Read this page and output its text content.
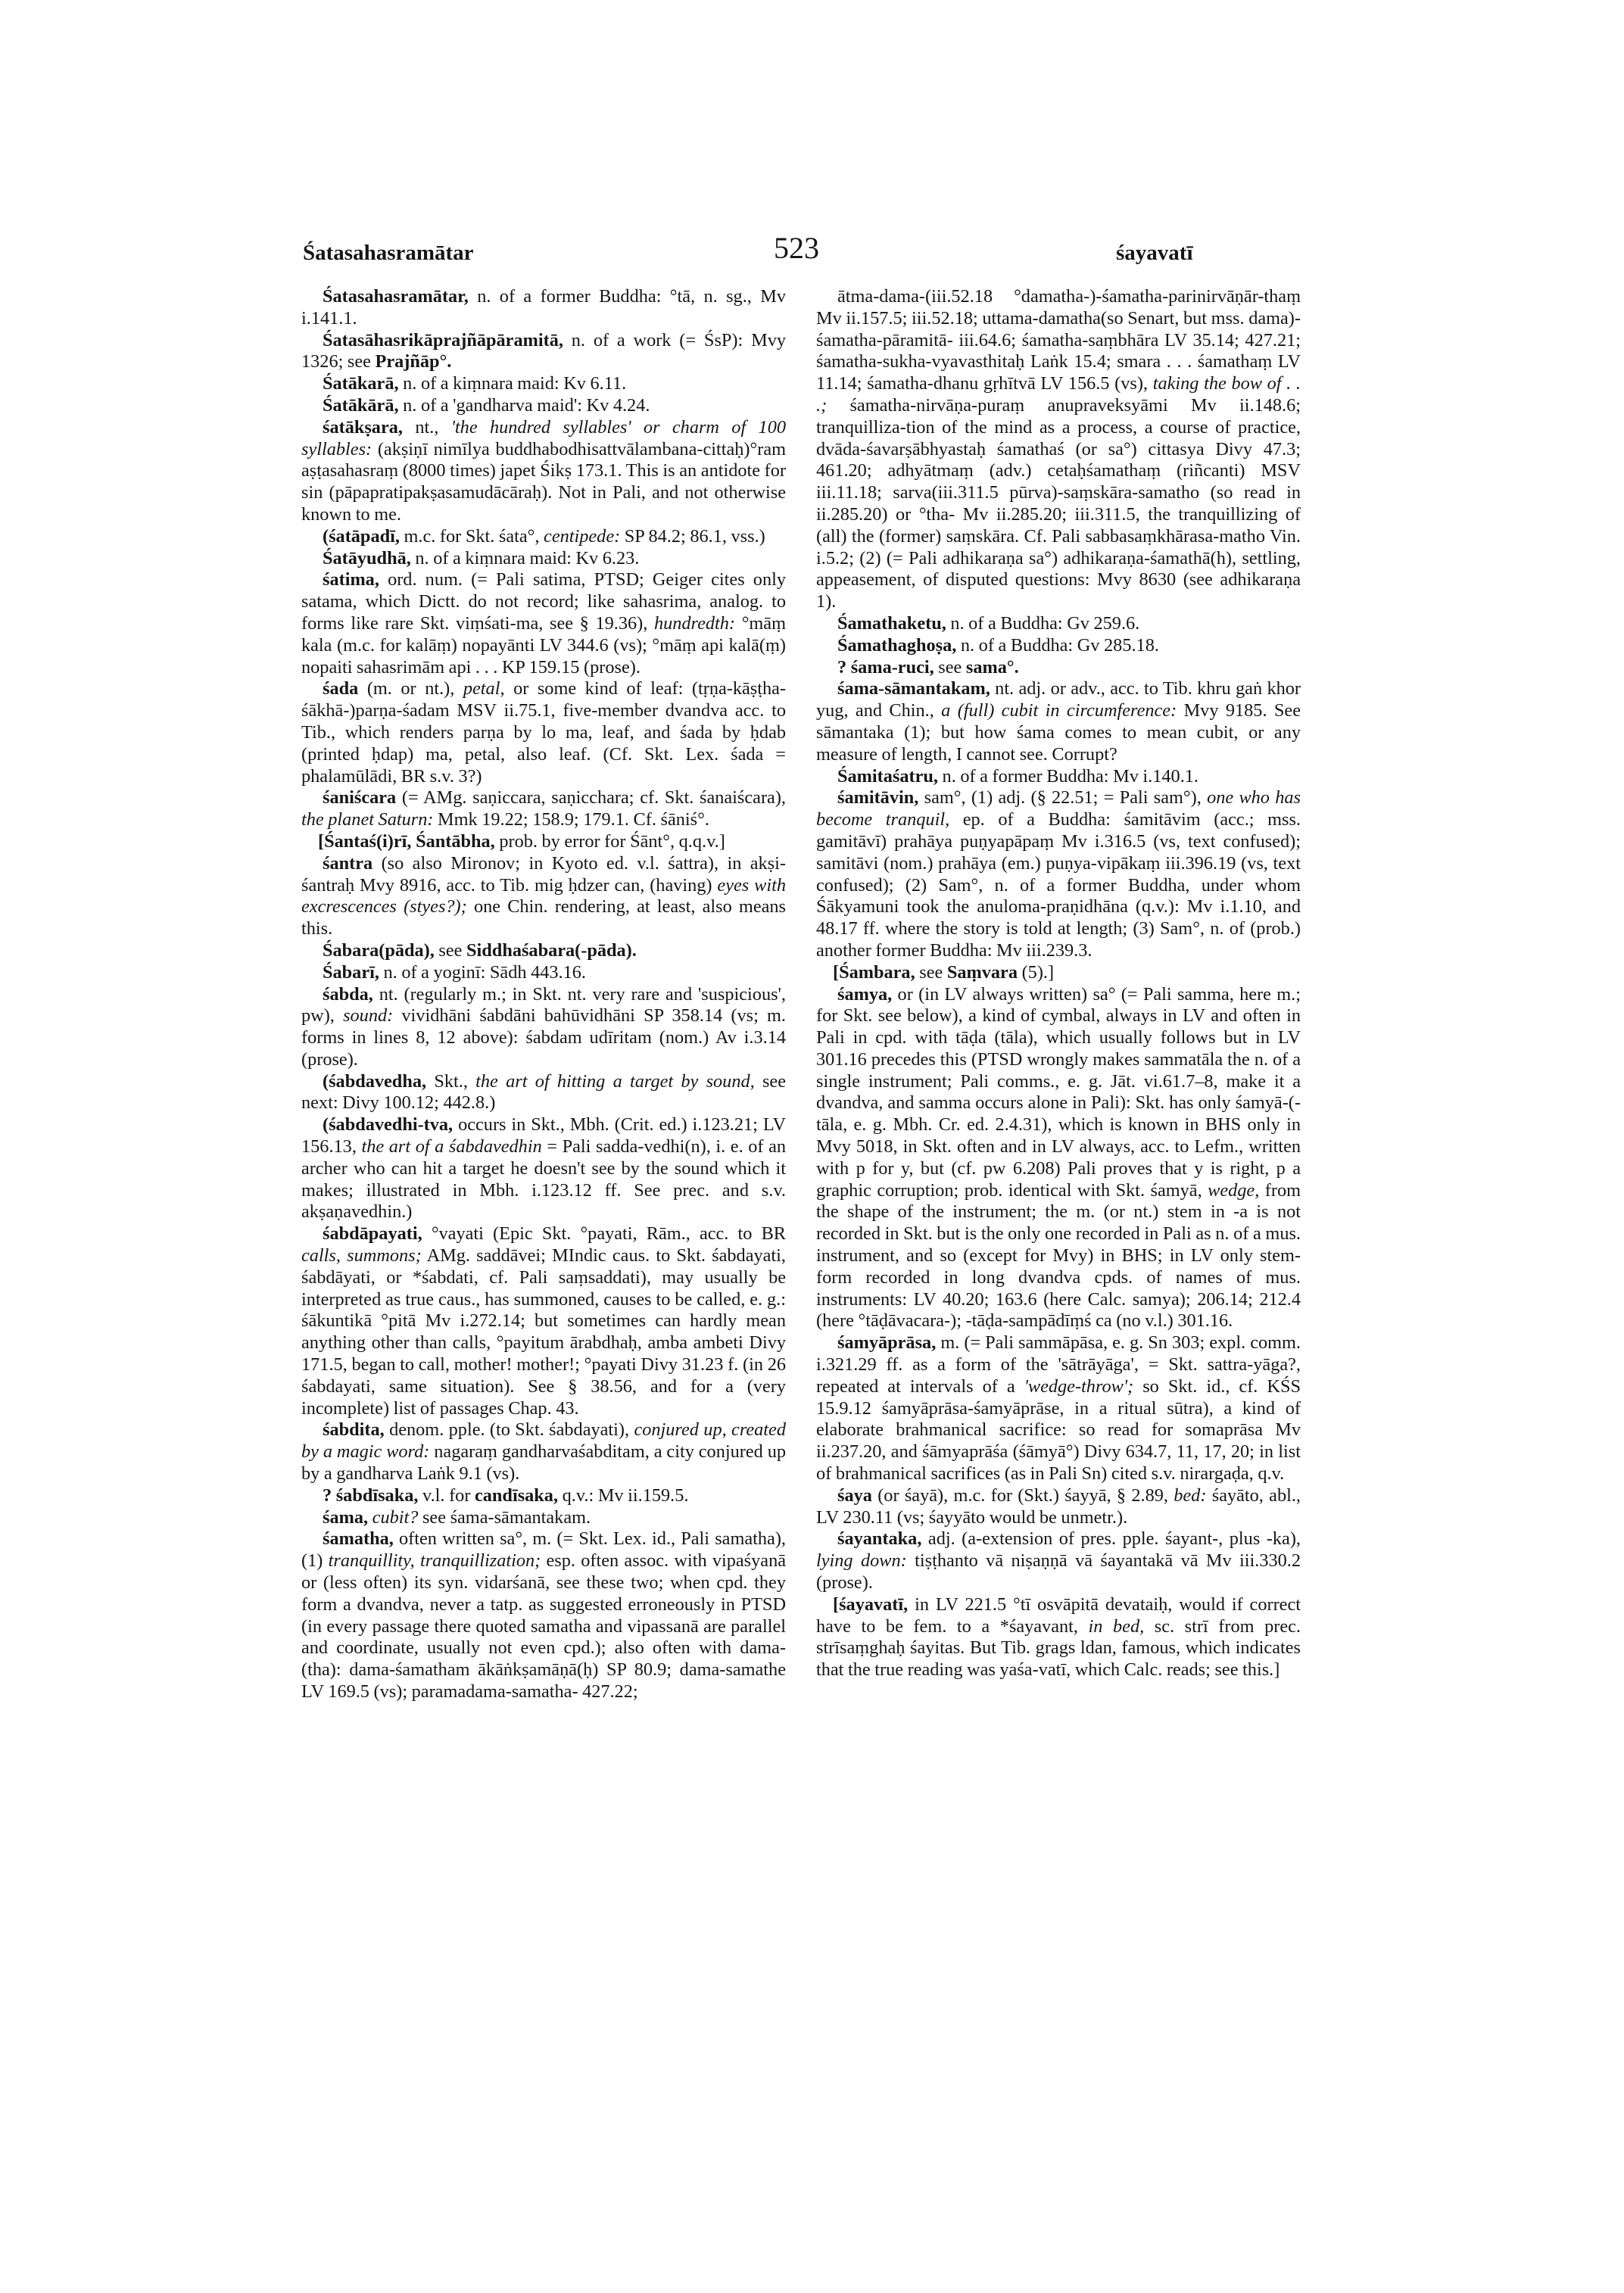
Śatasahasramātar	523	śayavatī

Śatasahasramātar, n. of a former Buddha: °tā, n. sg., Mv i.141.1.

Śatasāhasrikāprajñāpāramitā, n. of a work (= ŚsP): Mvy 1326; see Prajñāp°.

Śatākarā, n. of a kiṃnara maid: Kv 6.11.

Śatākārā, n. of a 'gandharva maid': Kv 4.24.

śatākṣara, nt., 'the hundred syllables' or charm of 100 syllables: (akṣiṇī nimīlya buddhabodhisattvālambana-cittaḥ)°ram aṣṭasahasraṃ (8000 times) japet Śikṣ 173.1. This is an antidote for sin (pāpapratipakṣasamudācāraḥ). Not in Pali, and not otherwise known to me.

(śatāpadī, m.c. for Skt. śata°, centipede: SP 84.2; 86.1, vss.)

Śatāyudhā, n. of a kiṃnara maid: Kv 6.23.

śatima, ord. num. (= Pali satima, PTSD; Geiger cites only satama, which Dictt. do not record; like sahasrima, analog. to forms like rare Skt. viṃśati-ma, see § 19.36), hundredth: °māṃ kala (m.c. for kalāṃ) nopayānti LV 344.6 (vs); °māṃ api kalā(ṃ) nopaiti sahasrimām api . . . KP 159.15 (prose).

śada (m. or nt.), petal, or some kind of leaf: (tṛṇa-kāṣṭha-śākhā-)parṇa-śadam MSV ii.75.1, five-member dvandva acc. to Tib., which renders parṇa by lo ma, leaf, and śada by ḥdab (printed ḥdap) ma, petal, also leaf. (Cf. Skt. Lex. śada = phalamūlādi, BR s.v. 3?)

śaniścara (= AMg. saṇiccara, saṇicchara; cf. Skt. śanaiścara), the planet Saturn: Mmk 19.22; 158.9; 179.1. Cf. śāniś°.

[Śantaś(i)rī, Śantābha, prob. by error for Śānt°, q.q.v.]

śantra (so also Mironov; in Kyoto ed. v.l. śattra), in akṣi-śantraḥ Mvy 8916, acc. to Tib. mig ḥdzer can, (having) eyes with excrescences (styes?); one Chin. rendering, at least, also means this.

Śabara(pāda), see Siddhaśabara(-pāda).

Śabarī, n. of a yoginī: Sādh 443.16.

śabda, nt. (regularly m.; in Skt. nt. very rare and 'suspicious', pw), sound: vividhāni śabdāni bahūvidhāni SP 358.14 (vs; m. forms in lines 8, 12 above): śabdam udīritam (nom.) Av i.3.14 (prose).

(śabdavedha, Skt., the art of hitting a target by sound, see next: Divy 100.12; 442.8.)

(śabdavedhi-tva, occurs in Skt., Mbh. (Crit. ed.) i.123.21; LV 156.13, the art of a śabdavedhin = Pali sadda-vedhi(n), i. e. of an archer who can hit a target he doesn't see by the sound which it makes; illustrated in Mbh. i.123.12 ff. See prec. and s.v. akṣaṇavedhin.)

śabdāpayati, °vayati (Epic Skt. °payati, Rām., acc. to BR calls, summons; AMg. saddāvei; MIndic caus. to Skt. śabdayati, śabdāyati, or *śabdati, cf. Pali saṃsaddati), may usually be interpreted as true caus., has summoned, causes to be called, e. g.: śākuntikā °pitā Mv i.272.14; but sometimes can hardly mean anything other than calls, °payitum ārabdhaḥ, amba ambeti Divy 171.5, began to call, mother! mother!; °payati Divy 31.23 f. (in 26 śabdayati, same situation). See § 38.56, and for a (very incomplete) list of passages Chap. 43.

śabdita, denom. pple. (to Skt. śabdayati), conjured up, created by a magic word: nagaraṃ gandharvaśabditam, a city conjured up by a gandharva Laṅk 9.1 (vs).

? śabdīsaka, v.l. for candīsaka, q.v.: Mv ii.159.5.

śama, cubit? see śama-sāmantakam.

śamatha, often written sa°, m. (= Skt. Lex. id., Pali samatha), (1) tranquillity, tranquillization; esp. often assoc. with vipaśyanā or (less often) its syn. vidarśanā, see these two; when cpd. they form a dvandva, never a tatp. as suggested erroneously in PTSD (in every passage there quoted samatha and vipassanā are parallel and coordinate, usually not even cpd.); also often with dama-(tha): dama-śamatham ākāṅkṣamāṇā(ḥ) SP 80.9; dama-samathe LV 169.5 (vs); paramadama-samatha- 427.22;

ātma-dama-(iii.52.18 °damatha-)-śamatha-parinirvāṇār-thaṃ Mv ii.157.5; iii.52.18; uttama-damatha(so Senart, but mss. dama)-śamatha-pāramitā- iii.64.6; śamatha-saṃbhāra LV 35.14; 427.21; śamatha-sukha-vyavasthitaḥ Laṅk 15.4; smara . . . śamathaṃ LV 11.14; śamatha-dhanu gṛhītvā LV 156.5 (vs), taking the bow of . . .; śamatha-nirvāṇa-puraṃ anupraveksyāmi Mv ii.148.6; tranquilliza-tion of the mind as a process, a course of practice, dvāda-śavarṣābhyastaḥ śamathaś (or sa°) cittasya Divy 47.3; 461.20; adhyātmaṃ (adv.) cetaḥśamathaṃ (riñcanti) MSV iii.11.18; sarva(iii.311.5 pūrva)-saṃskāra-samatho (so read in ii.285.20) or °tha- Mv ii.285.20; iii.311.5, the tranquillizing of (all) the (former) saṃskāra. Cf. Pali sabbasaṃkhārasa-matho Vin. i.5.2; (2) (= Pali adhikaraṇa sa°) adhikaraṇa-śamathā(h), settling, appeasement, of disputed questions: Mvy 8630 (see adhikaraṇa 1).

Śamathaketu, n. of a Buddha: Gv 259.6.

Śamathaghoṣa, n. of a Buddha: Gv 285.18.

? śama-ruci, see sama°.

śama-sāmantakam, nt. adj. or adv., acc. to Tib. khru gaṅ khor yug, and Chin., a (full) cubit in circumference: Mvy 9185. See sāmantaka (1); but how śama comes to mean cubit, or any measure of length, I cannot see. Corrupt?

Śamitaśatru, n. of a former Buddha: Mv i.140.1.

śamitāvin, sam°, (1) adj. (§ 22.51; = Pali sam°), one who has become tranquil, ep. of a Buddha: śamitāvim (acc.; mss. gamitāvī) prahāya puṇyapāpaṃ Mv i.316.5 (vs, text confused); samitāvi (nom.) prahāya (em.) puṇya-vipākaṃ iii.396.19 (vs, text confused); (2) Sam°, n. of a former Buddha, under whom Śākyamuni took the anuloma-praṇidhāna (q.v.): Mv i.1.10, and 48.17 ff. where the story is told at length; (3) Sam°, n. of (prob.) another former Buddha: Mv iii.239.3.

[Śambara, see Saṃvara (5).]

śamya, or (in LV always written) sa° (= Pali samma, here m.; for Skt. see below), a kind of cymbal, always in LV and often in Pali in cpd. with tāḍa (tāla), which usually follows but in LV 301.16 precedes this (PTSD wrongly makes sammatāla the n. of a single instrument; Pali comms., e. g. Jāt. vi.61.7–8, make it a dvandva, and samma occurs alone in Pali): Skt. has only śamyā-(-tāla, e. g. Mbh. Cr. ed. 2.4.31), which is known in BHS only in Mvy 5018, in Skt. often and in LV always, acc. to Lefm., written with p for y, but (cf. pw 6.208) Pali proves that y is right, p a graphic corruption; prob. identical with Skt. śamyā, wedge, from the shape of the instrument; the m. (or nt.) stem in -a is not recorded in Skt. but is the only one recorded in Pali as n. of a mus. instrument, and so (except for Mvy) in BHS; in LV only stem-form recorded in long dvandva cpds. of names of mus. instruments: LV 40.20; 163.6 (here Calc. samya); 206.14; 212.4 (here °tāḍāvacara-); -tāḍa-sampādīṃś ca (no v.l.) 301.16.

śamyāprāsa, m. (= Pali sammāpāsa, e. g. Sn 303; expl. comm. i.321.29 ff. as a form of the 'sātrāyāga', = Skt. sattra-yāga?, repeated at intervals of a 'wedge-throw'; so Skt. id., cf. KŚS 15.9.12 śamyāprāsa-śamyāprāse, in a ritual sūtra), a kind of elaborate brahmanical sacrifice: so read for somaprāsa Mv ii.237.20, and śāmyaprāśa (śāmyā°) Divy 634.7, 11, 17, 20; in list of brahmanical sacrifices (as in Pali Sn) cited s.v. nirargaḍa, q.v.

śaya (or śayā), m.c. for (Skt.) śayyā, § 2.89, bed: śayāto, abl., LV 230.11 (vs; śayyāto would be unmetr.).

śayantaka, adj. (a-extension of pres. pple. śayant-, plus -ka), lying down: tiṣṭhanto vā niṣaṇṇā vā śayantakā vā Mv iii.330.2 (prose).

[śayavatī, in LV 221.5 °tī osvāpitā devataiḥ, would if correct have to be fem. to a *śayavant, in bed, sc. strī from prec. strīsaṃghaḥ śayitas. But Tib. grags ldan, famous, which indicates that the true reading was yaśa-vatī, which Calc. reads; see this.]
